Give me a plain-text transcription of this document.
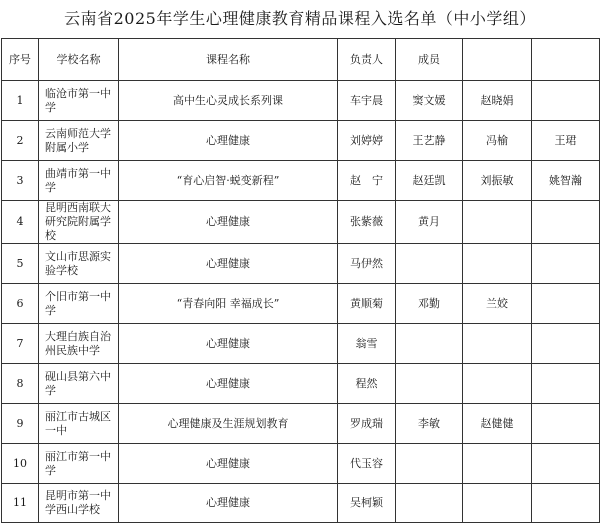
云南省2025年学生心理健康教育精品课程入选名单（中小学组）
序号	学校名称	课程名称	负责人	成员		
1	临沧市第一中学	高中生心灵成长系列课	车宇晨	窦文媛	赵晓娟	
2	云南师范大学附属小学	心理健康	刘婷婷	王艺静	冯榆	王珺
3	曲靖市第一中学	“育心启智·蜕变新程”	赵　宁	赵廷凯	刘振敏	姚智瀚
4	昆明西南联大研究院附属学校	心理健康	张紫薇	黄月		
5	文山市思源实验学校	心理健康	马伊然			
6	个旧市第一中学	“青春向阳 幸福成长”	黄顺菊	邓勤	兰姣	
7	大理白族自治州民族中学	心理健康	翁雪			
8	砚山县第六中学	心理健康	程然			
9	丽江市古城区一中	心理健康及生涯规划教育	罗成瑞	李敏	赵健健	
10	丽江市第一中学	心理健康	代玉容			
11	昆明市第一中学西山学校	心理健康	吴柯颖			
